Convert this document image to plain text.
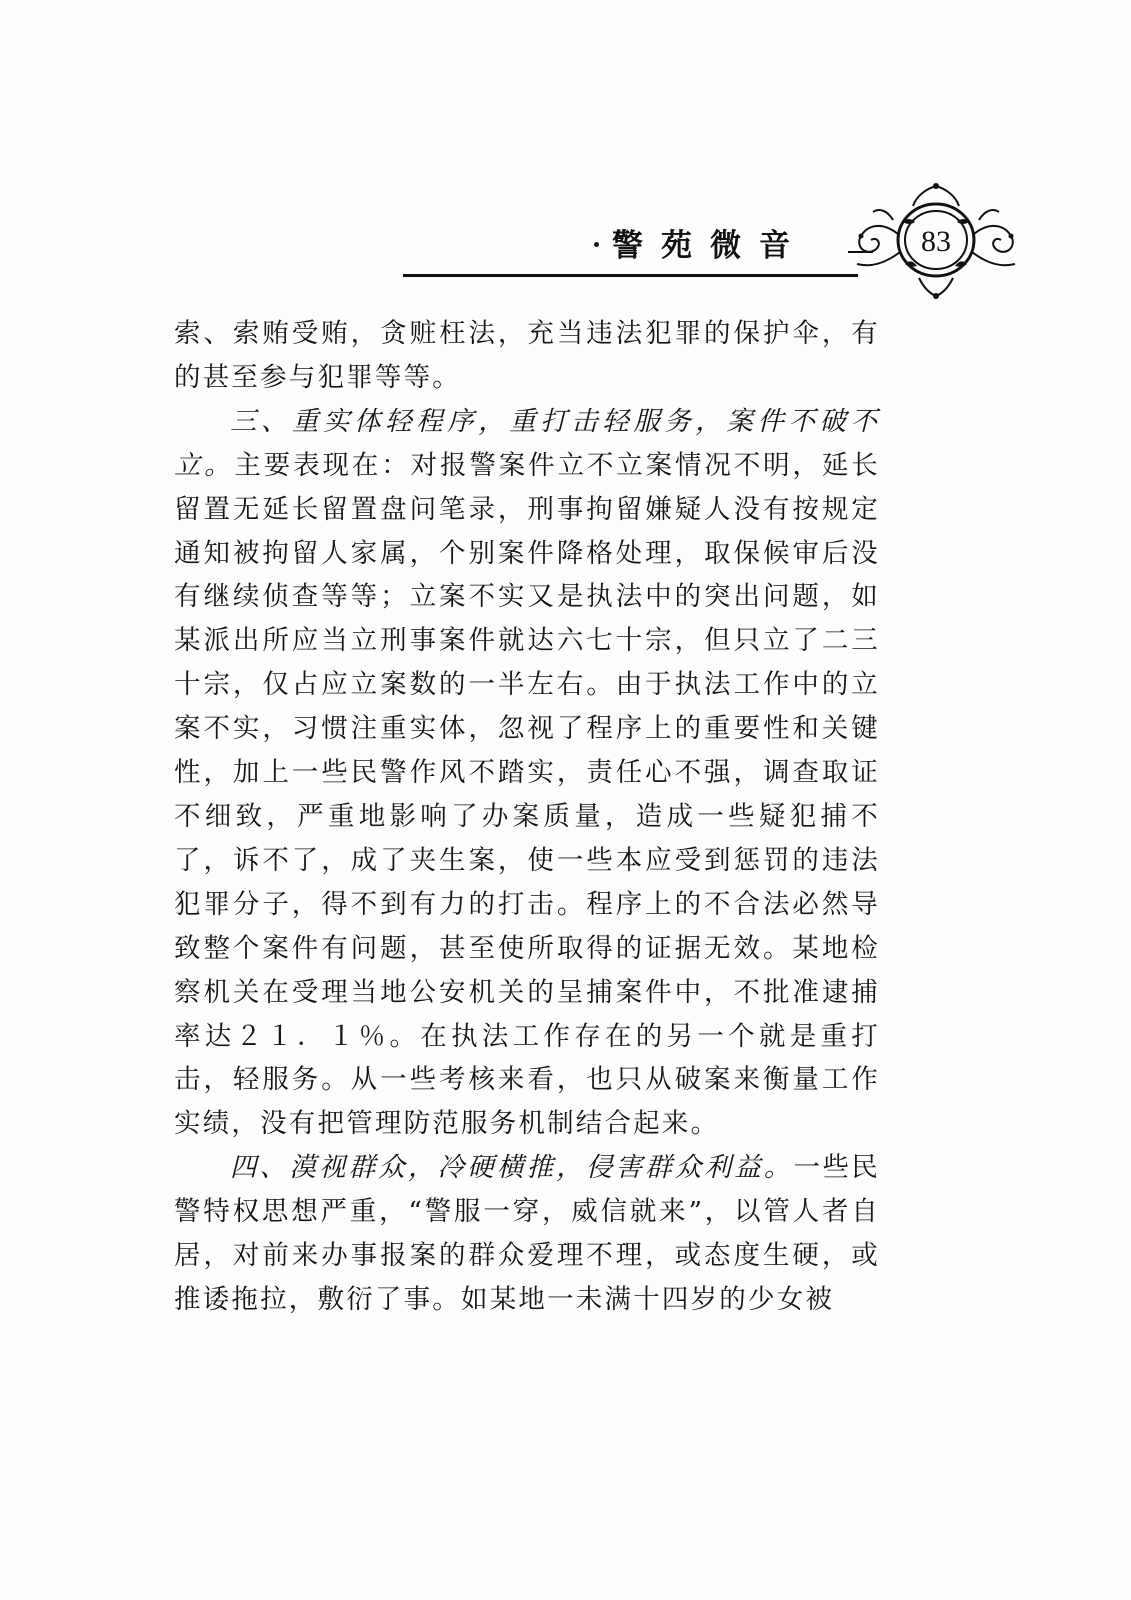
警苑微音	83

索、索贿受贿，贪赃枉法，充当违法犯罪的保护伞，有的甚至参与犯罪等等。

三、重实体轻程序，重打击轻服务，案件不破不立。主要表现在：对报警案件立不立案情况不明，延长留置无延长留置盘问笔录，刑事拘留嫌疑人没有按规定通知被拘留人家属，个别案件降格处理，取保候审后没有继续侦查等等；立案不实又是执法中的突出问题，如某派出所应当立刑事案件就达六七十宗，但只立了二三十宗，仅占应立案数的一半左右。由于执法工作中的立案不实，习惯注重实体，忽视了程序上的重要性和关键性，加上一些民警作风不踏实，责任心不强，调查取证不细致，严重地影响了办案质量，造成一些疑犯捕不了，诉不了，成了夹生案，使一些本应受到惩罚的违法犯罪分子，得不到有力的打击。程序上的不合法必然导致整个案件有问题，甚至使所取得的证据无效。某地检察机关在受理当地公安机关的呈捕案件中，不批准逮捕率达２１．１％。在执法工作存在的另一个就是重打击，轻服务。从一些考核来看，也只从破案来衡量工作实绩，没有把管理防范服务机制结合起来。

四、漠视群众，冷硬横推，侵害群众利益。一些民警特权思想严重，“警服一穿，威信就来”，以管人者自居，对前来办事报案的群众爱理不理，或态度生硬，或推诿拖拉，敷衍了事。如某地一未满十四岁的少女被
